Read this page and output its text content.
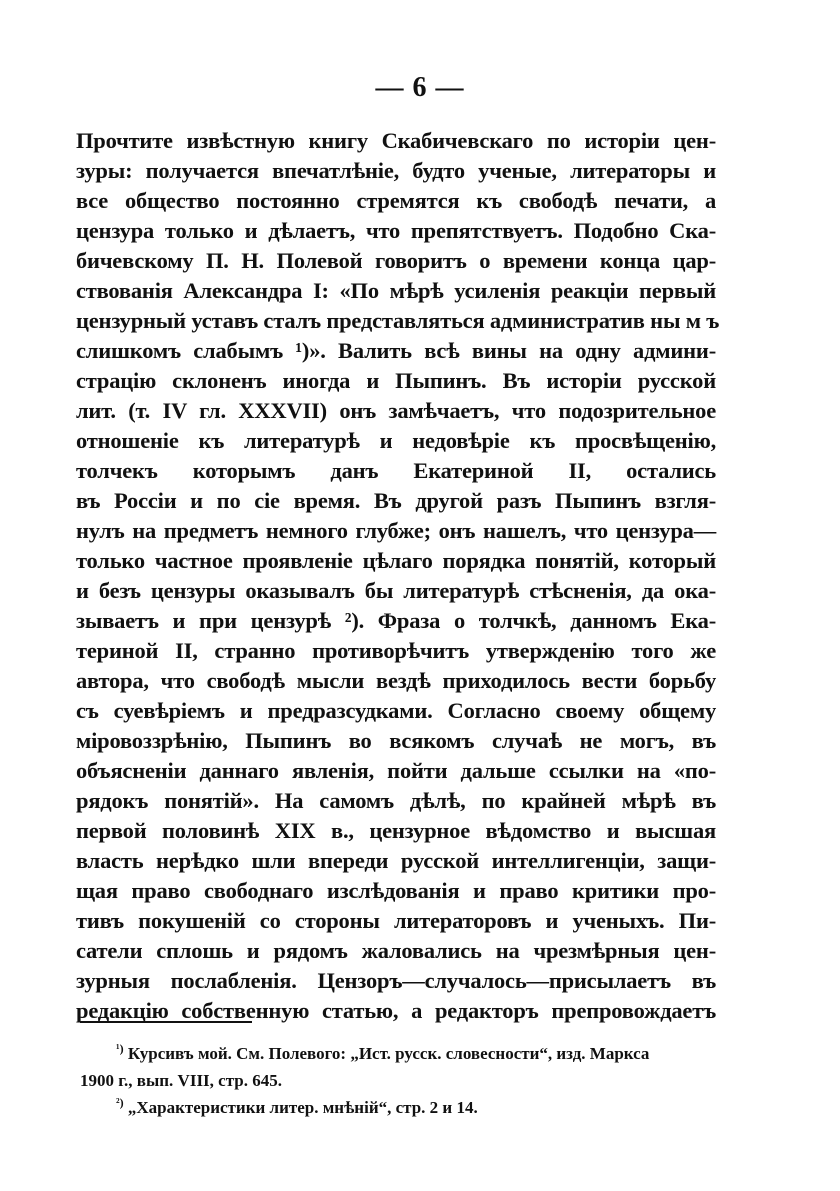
— 6 —
Прочтите извѣстную книгу Скабичевскаго по исторіи цен-
зуры: получается впечатлѣніе, будто ученые, литераторы и
все общество постоянно стремятся къ свободѣ печати, а
цензура только и дѣлаетъ, что препятствуетъ. Подобно Ска-
бичевскому П. Н. Полевой говоритъ о времени конца цар-
ствованія Александра I: «По мѣрѣ усиленія реакціи первый
цензурный уставъ сталъ представляться административ ны м ъ
слишкомъ слабымъ ¹)». Валить всѣ вины на одну админи-
страцію склоненъ иногда и Пыпинъ. Въ исторіи русской
лит. (т. IV гл. XXXVII) онъ замѣчаетъ, что подозрительное
отношеніе къ литературѣ и недовѣріе къ просвѣщенію,
толчекъ которымъ данъ Екатериной II, остались
въ Россіи и по сіе время. Въ другой разъ Пыпинъ взгля-
нулъ на предметъ немного глубже; онъ нашелъ, что цензура—
только частное проявленіе цѣлаго порядка понятій, который
и безъ цензуры оказывалъ бы литературѣ стѣсненія, да ока-
зываетъ и при цензурѣ ²). Фраза о толчкѣ, данномъ Ека-
териной II, странно противорѣчитъ утвержденію того же
автора, что свободѣ мысли вездѣ приходилось вести борьбу
съ суевѣріемъ и предразсудками. Согласно своему общему
міровоззрѣнію, Пыпинъ во всякомъ случаѣ не могъ, въ
объясненіи даннаго явленія, пойти дальше ссылки на «по-
рядокъ понятій». На самомъ дѣлѣ, по крайней мѣрѣ въ
первой половинѣ XIX в., цензурное вѣдомство и высшая
власть нерѣдко шли впереди русской интеллигенціи, защи-
щая право свободнаго изслѣдованія и право критики про-
тивъ покушеній со стороны литераторовъ и ученыхъ. Пи-
сатели сплошь и рядомъ жаловались на чрезмѣрныя цен-
зурныя послабленія. Цензоръ—случалось—присылаетъ въ
редакцію собственную статью, а редакторъ препровождаетъ
$^{^1)}$ Курсивъ мой. См. Полевого: „Ист. русск. словесности“, изд. Маркса
1900 г., вып. VIII, стр. 645.
$^{^2)}$ „Характеристики литер. мнѣній“, стр. 2 и 14.
